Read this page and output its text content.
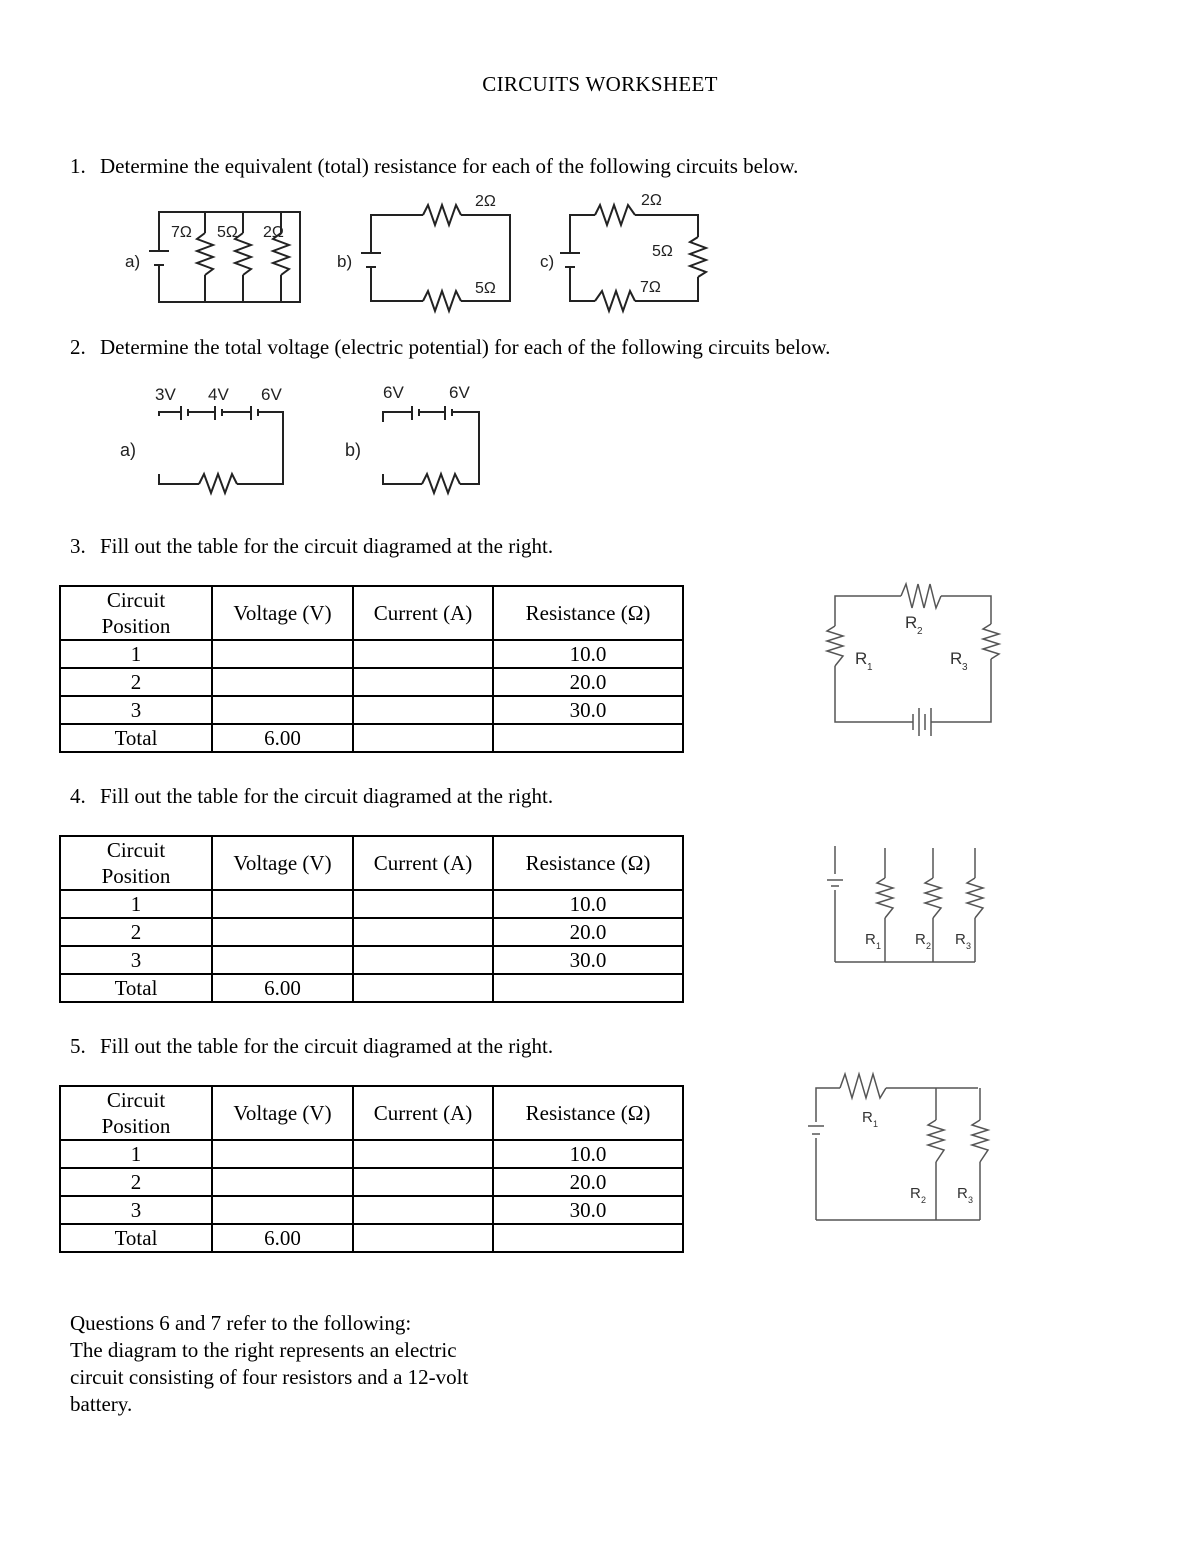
CIRCUITS WORKSHEET
1. Determine the equivalent (total) resistance for each of the following circuits below.
a)
7Ω 5Ω 2Ω
b)
2Ω
5Ω
c)
2Ω
5Ω
7Ω
2. Determine the total voltage (electric potential) for each of the following circuits below.
a)
3V 4V 6V
b)
6V	6V
3. Fill out the table for the circuit diagramed at the right.
Circuit
Position	Voltage (V)	Current (A)	Resistance (Ω)
1			10.0
2			20.0
3			30.0
Total	6.00		
R 1
R 2
R 3
4. Fill out the table for the circuit diagramed at the right.
Circuit
Position	Voltage (V)	Current (A)	Resistance (Ω)
1			10.0
2			20.0
3			30.0
Total	6.00		
R 1 R 2 R 3
5. Fill out the table for the circuit diagramed at the right.
Circuit
Position	Voltage (V)	Current (A)	Resistance (Ω)
1			10.0
2			20.0
3			30.0
Total	6.00		
R 1
R 2 R 3
Questions 6 and 7 refer to the following:
The diagram to the right represents an electric
circuit consisting of four resistors and a 12-volt
battery.
